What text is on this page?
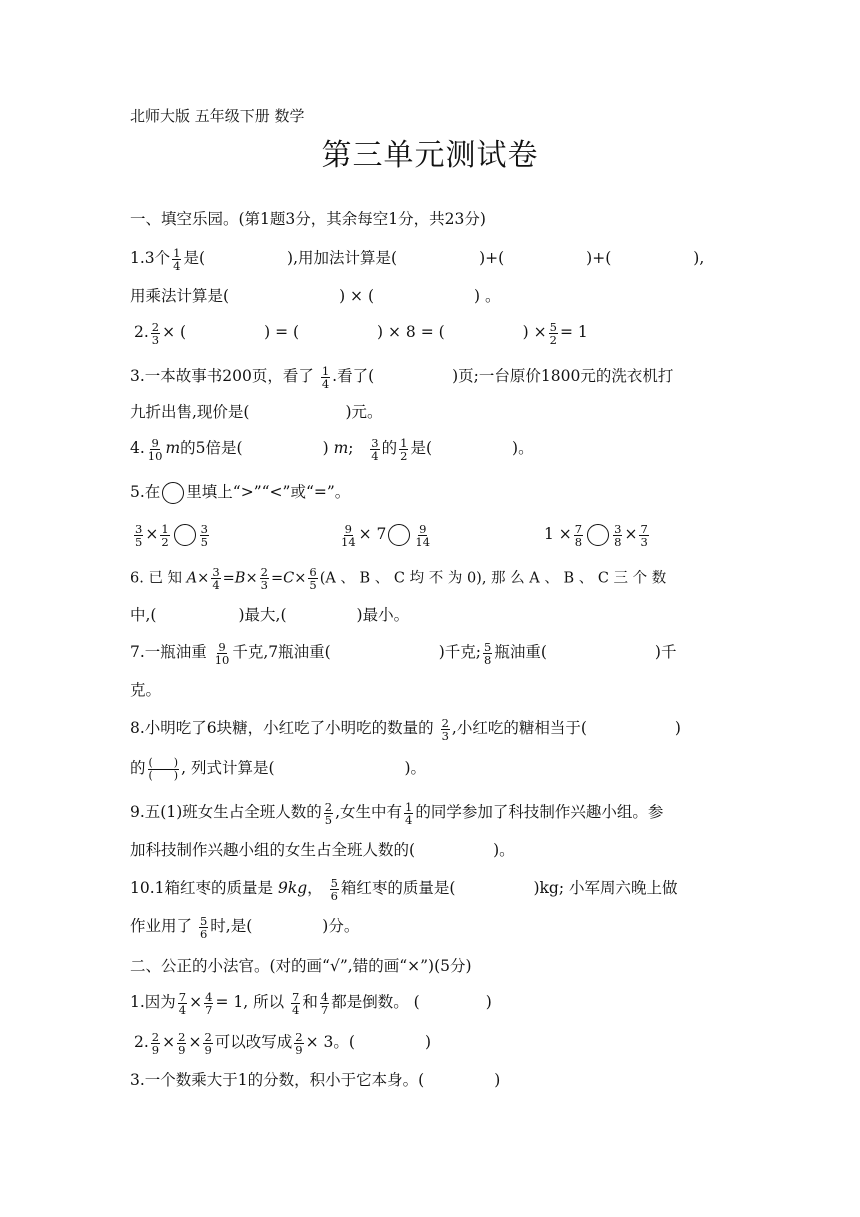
北师大版 五年级下册 数学
第三单元测试卷
一、填空乐园。(第1题3分，其余每空1分，共23分)
1.3个 $\frac{1}{4}$ 是(	),用加法计算是(	)+(	)+(	),
用乘法计算是(	) × (	) 。
2. $\frac{2}{3}$ × (	) = (	) × 8 = (	) × $\frac{5}{2} = 1$
3.一本故事书200页，看了 $\frac{1}{4}$ .看了(	)页;一台原价1800元的洗衣机打
九折出售,现价是(	)元。
4. $\frac{9}{10}$ m的5倍是(	) m; $\frac{3}{4}$ 的 $\frac{1}{2}$ 是(	)。
5.在 里填上“>”“<”或“=”。
$\frac{3}{5} \times \frac{1}{2}$	$\frac{3}{5}$	$\frac{9}{14} \times 7 \frac{9}{14}$	$1 \times \frac{7}{8}$	$\frac{3}{8} \times \frac{7}{3}$
6. 已 知 $A\times \frac{3}{4} =B\times \frac{2}{3} =C\times \frac{6}{5} (A$ 、 B 、 C 均 不 为 0), 那 么 A 、 B 、 C 三 个 数
中,(	)最大,(	)最小。
7.一瓶油重 $\frac{9}{10}$ 千克,7瓶油重(	)千克; $\frac{5}{8}$ 瓶油重(	)千
克。
8.小明吃了6块糖，小红吃了小明吃的数量的 $\frac{2}{3}$ ,小红吃的糖相当于(	)
的 $\frac{( )}{( )}$ , 列式计算是(	)。
9.五(1)班女生占全班人数的 $\frac{2}{5}$ ,女生中有 $\frac{1}{4}$ 的同学参加了科技制作兴趣小组。参
加科技制作兴趣小组的女生占全班人数的(	)。
10.1箱红枣的质量是 9kg， $\frac{5}{6}$ 箱红枣的质量是(	)kg; 小军周六晚上做
作业用了 $\frac{5}{6}$ 时,是(	)分。
二、公正的小法官。(对的画“√”,错的画“×”)(5分)
1.因为 $\frac{7}{4} \times \frac{4}{7} = 1$, 所以 $\frac{7}{4}$ 和 $\frac{4}{7}$ 都是倒数。 (	)
2. $\frac{2}{9} \times \frac{2}{9} \times \frac{2}{9}$ 可以改写成 $\frac{2}{9} \times 3$。(	)
3.一个数乘大于1的分数，积小于它本身。(	)
